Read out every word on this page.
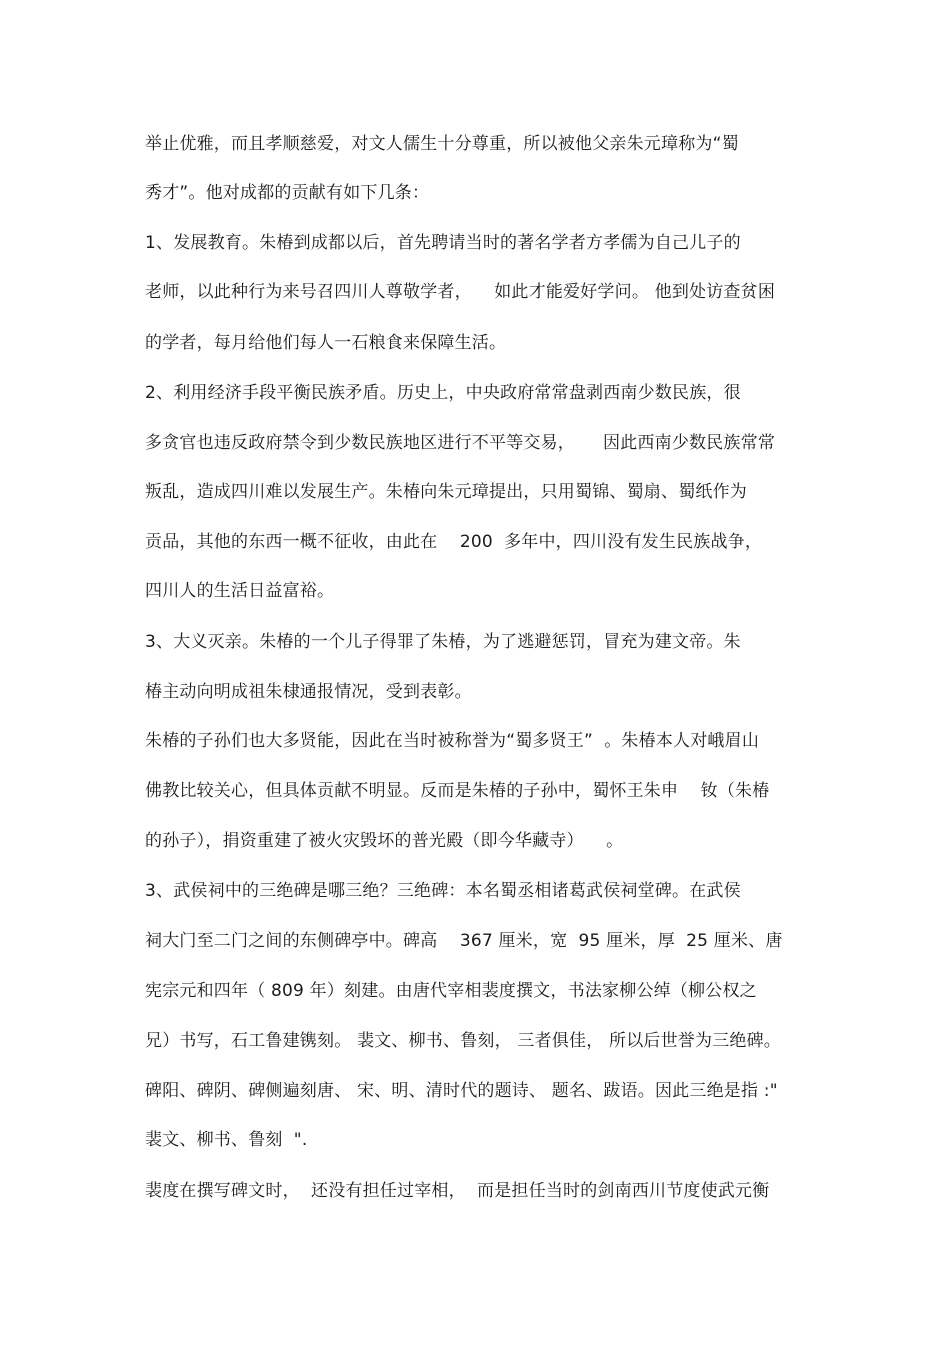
举止优雅，而且孝顺慈爱，对文人儒生十分尊重，所以被他父亲朱元璋称为“蜀
秀才”。他对成都的贡献有如下几条：
1、发展教育。朱椿到成都以后，首先聘请当时的著名学者方孝儒为自己儿子的
老师，以此种行为来号召四川人尊敬学者，    如此才能爱好学问。 他到处访查贫困
的学者，每月给他们每人一石粮食来保障生活。
2、利用经济手段平衡民族矛盾。历史上，中央政府常常盘剥西南少数民族，很
多贪官也违反政府禁令到少数民族地区进行不平等交易，     因此西南少数民族常常
叛乱，造成四川难以发展生产。朱椿向朱元璋提出，只用蜀锦、蜀扇、蜀纸作为
贡品，其他的东西一概不征收，由此在    200  多年中，四川没有发生民族战争，
四川人的生活日益富裕。
3、大义灭亲。朱椿的一个儿子得罪了朱椿，为了逃避惩罚，冒充为建文帝。朱
椿主动向明成祖朱棣通报情况，受到表彰。
朱椿的子孙们也大多贤能，因此在当时被称誉为“蜀多贤王”  。朱椿本人对峨眉山
佛教比较关心，但具体贡献不明显。反而是朱椿的子孙中，蜀怀王朱申    钕（朱椿
的孙子），捐资重建了被火灾毁坏的普光殿（即今华藏寺）    。
3、武侯祠中的三绝碑是哪三绝？三绝碑：本名蜀丞相诸葛武侯祠堂碑。在武侯
祠大门至二门之间的东侧碑亭中。碑高    367 厘米，宽  95 厘米，厚  25 厘米、唐
宪宗元和四年（ 809 年）刻建。由唐代宰相裴度撰文，书法家柳公绰（柳公权之
兄）书写，石工鲁建镌刻。 裴文、柳书、鲁刻， 三者俱佳， 所以后世誉为三绝碑。
碑阳、碑阴、碑侧遍刻唐、 宋、明、清时代的题诗、 题名、跋语。因此三绝是指 :"
裴文、柳书、鲁刻  ".
裴度在撰写碑文时，  还没有担任过宰相，  而是担任当时的剑南西川节度使武元衡
